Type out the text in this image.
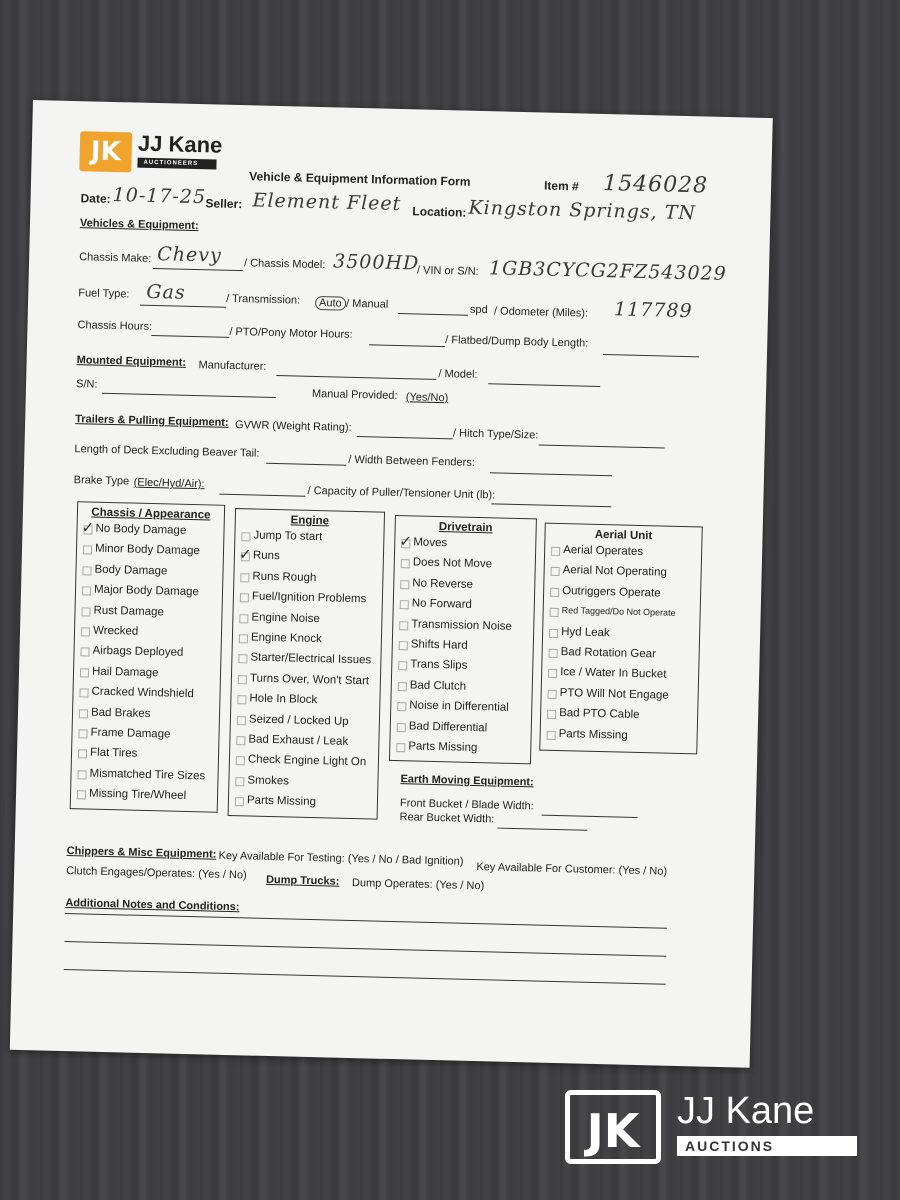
JK JJ Kane
AUCTIONEERS
Vehicle & Equipment Information Form	Item # 1546028
Date: 10-17-25 Seller: Element Fleet Location: Kingston Springs, TN
Vehicles & Equipment:
Chassis Make: Chevy / Chassis Model: 3500HD
/ VIN or S/N: 1GB3CYCG2FZ543029
Fuel Type: Gas	/ Transmission:	Auto / Manual	spd / Odometer (Miles): 117789
Chassis Hours:	/ PTO/Pony Motor Hours:
/ Flatbed/Dump Body Length:
Mounted Equipment: Manufacturer:
/ Model:
S/N:
Manual Provided: (Yes/No)
Trailers & Pulling Equipment: GVWR (Weight Rating):
/ Hitch Type/Size:
Length of Deck Excluding Beaver Tail:
/ Width Between Fenders:
Brake Type (Elec/Hyd/Air):
/ Capacity of Puller/Tensioner Unit (lb):
Chassis / Appearance
No Body Damage
✓
Minor Body Damage
Body Damage
Major Body Damage
Rust Damage
Wrecked
Airbags Deployed
Hail Damage
Cracked Windshield
Bad Brakes
Frame Damage
Flat Tires
Mismatched Tire Sizes
Missing Tire/Wheel
Engine
Jump To start
Runs
✓
Runs Rough
Fuel/Ignition Problems
Engine Noise
Engine Knock
Starter/Electrical Issues
Turns Over, Won't Start
Hole In Block
Seized / Locked Up
Bad Exhaust / Leak
Check Engine Light On
Smokes
Parts Missing
Drivetrain
Moves
✓
Does Not Move
No Reverse
No Forward
Transmission Noise
Shifts Hard
Trans Slips
Bad Clutch
Noise in Differential
Bad Differential
Parts Missing
Aerial Unit
Aerial Operates
Aerial Not Operating
Outriggers Operate
Red Tagged/Do Not Operate
Hyd Leak
Bad Rotation Gear
Ice / Water In Bucket
PTO Will Not Engage
Bad PTO Cable
Parts Missing
Earth Moving Equipment:
Front Bucket / Blade Width:
Rear Bucket Width:
Chippers & Misc Equipment: Key Available For Testing: (Yes / No / Bad Ignition)
Key Available For Customer: (Yes / No)
Clutch Engages/Operates: (Yes / No) Dump Trucks: Dump Operates: (Yes / No)
Additional Notes and Conditions:
JK JJ Kane
AUCTIONS
